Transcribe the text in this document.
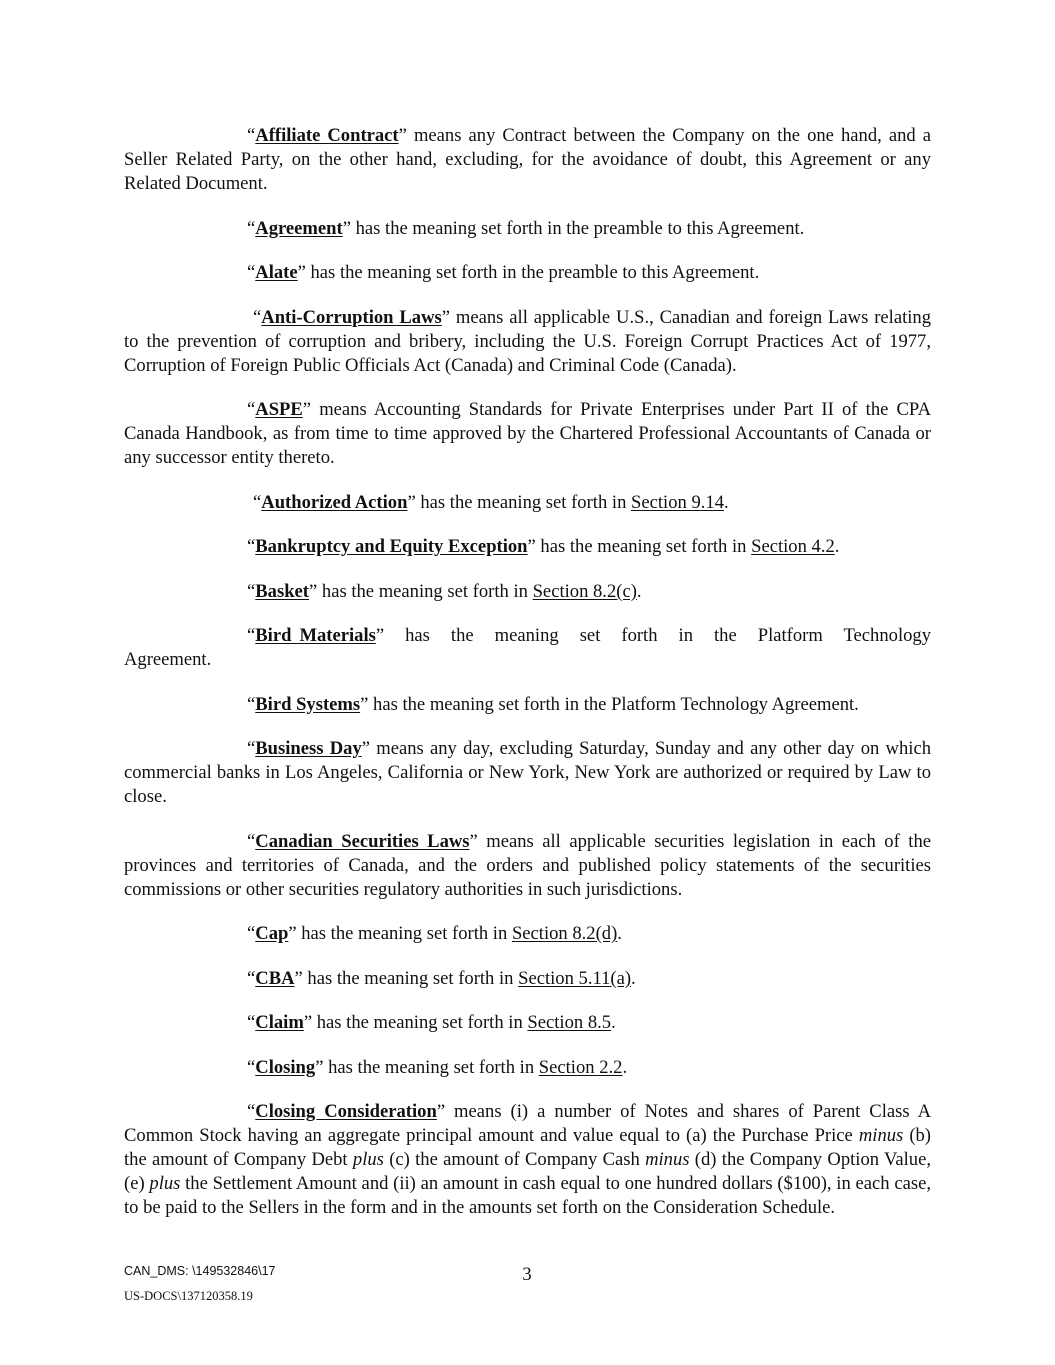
“Affiliate Contract” means any Contract between the Company on the one hand, and a Seller Related Party, on the other hand, excluding, for the avoidance of doubt, this Agreement or any Related Document.

“Agreement” has the meaning set forth in the preamble to this Agreement.

“Alate” has the meaning set forth in the preamble to this Agreement.

“Anti-Corruption Laws” means all applicable U.S., Canadian and foreign Laws relating to the prevention of corruption and bribery, including the U.S. Foreign Corrupt Practices Act of 1977, Corruption of Foreign Public Officials Act (Canada) and Criminal Code (Canada).

“ASPE” means Accounting Standards for Private Enterprises under Part II of the CPA Canada Handbook, as from time to time approved by the Chartered Professional Accountants of Canada or any successor entity thereto.

“Authorized Action” has the meaning set forth in Section 9.14.

“Bankruptcy and Equity Exception” has the meaning set forth in Section 4.2.

“Basket” has the meaning set forth in Section 8.2(c).

“Bird Materials” has the meaning set forth in the Platform Technology Agreement.

“Bird Systems” has the meaning set forth in the Platform Technology Agreement.

“Business Day” means any day, excluding Saturday, Sunday and any other day on which commercial banks in Los Angeles, California or New York, New York are authorized or required by Law to close.

“Canadian Securities Laws” means all applicable securities legislation in each of the provinces and territories of Canada, and the orders and published policy statements of the securities commissions or other securities regulatory authorities in such jurisdictions.

“Cap” has the meaning set forth in Section 8.2(d).

“CBA” has the meaning set forth in Section 5.11(a).

“Claim” has the meaning set forth in Section 8.5.

“Closing” has the meaning set forth in Section 2.2.

“Closing Consideration” means (i) a number of Notes and shares of Parent Class A Common Stock having an aggregate principal amount and value equal to (a) the Purchase Price minus (b) the amount of Company Debt plus (c) the amount of Company Cash minus (d) the Company Option Value, (e) plus the Settlement Amount and (ii) an amount in cash equal to one hundred dollars ($100), in each case, to be paid to the Sellers in the form and in the amounts set forth on the Consideration Schedule.

CAN_DMS: \149532846\17
US-DOCS\137120358.19
3
